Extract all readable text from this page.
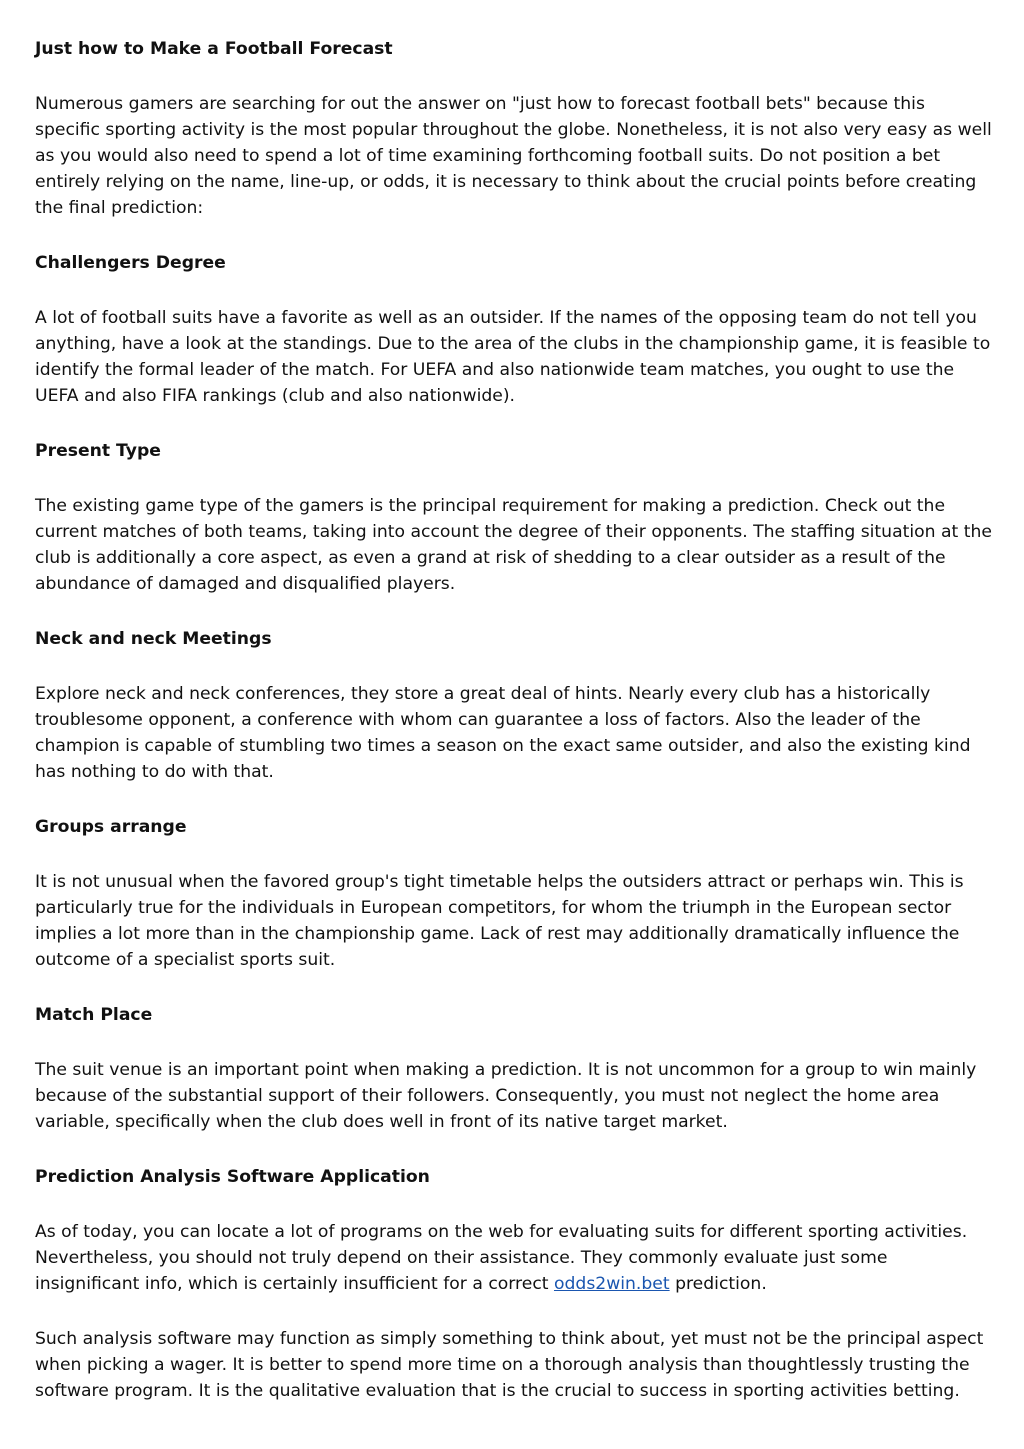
Just how to Make a Football Forecast

Numerous gamers are searching for out the answer on "just how to forecast football bets" because this specific sporting activity is the most popular throughout the globe. Nonetheless, it is not also very easy as well as you would also need to spend a lot of time examining forthcoming football suits. Do not position a bet entirely relying on the name, line-up, or odds, it is necessary to think about the crucial points before creating the final prediction:

Challengers Degree

A lot of football suits have a favorite as well as an outsider. If the names of the opposing team do not tell you anything, have a look at the standings. Due to the area of the clubs in the championship game, it is feasible to identify the formal leader of the match. For UEFA and also nationwide team matches, you ought to use the UEFA and also FIFA rankings (club and also nationwide).

Present Type

The existing game type of the gamers is the principal requirement for making a prediction. Check out the current matches of both teams, taking into account the degree of their opponents. The staffing situation at the club is additionally a core aspect, as even a grand at risk of shedding to a clear outsider as a result of the abundance of damaged and disqualified players.

Neck and neck Meetings

Explore neck and neck conferences, they store a great deal of hints. Nearly every club has a historically troublesome opponent, a conference with whom can guarantee a loss of factors. Also the leader of the champion is capable of stumbling two times a season on the exact same outsider, and also the existing kind has nothing to do with that.

Groups arrange

It is not unusual when the favored group's tight timetable helps the outsiders attract or perhaps win. This is particularly true for the individuals in European competitors, for whom the triumph in the European sector implies a lot more than in the championship game. Lack of rest may additionally dramatically influence the outcome of a specialist sports suit.

Match Place

The suit venue is an important point when making a prediction. It is not uncommon for a group to win mainly because of the substantial support of their followers. Consequently, you must not neglect the home area variable, specifically when the club does well in front of its native target market.

Prediction Analysis Software Application

As of today, you can locate a lot of programs on the web for evaluating suits for different sporting activities. Nevertheless, you should not truly depend on their assistance. They commonly evaluate just some insignificant info, which is certainly insufficient for a correct odds2win.bet prediction.

Such analysis software may function as simply something to think about, yet must not be the principal aspect when picking a wager. It is better to spend more time on a thorough analysis than thoughtlessly trusting the software program. It is the qualitative evaluation that is the crucial to success in sporting activities betting.
